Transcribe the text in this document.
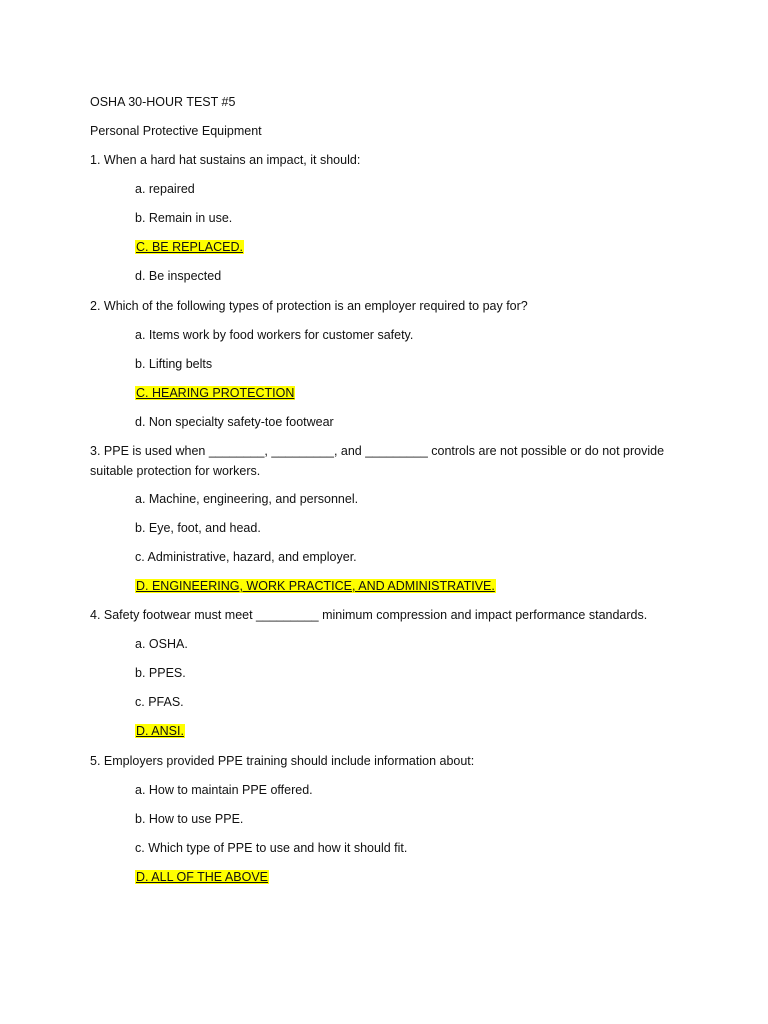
OSHA 30-HOUR TEST #5
Personal Protective Equipment
1. When a hard hat sustains an impact, it should:
a. repaired
b. Remain in use.
C. BE REPLACED.
d. Be inspected
2. Which of the following types of protection is an employer required to pay for?
a. Items work by food workers for customer safety.
b. Lifting belts
C. HEARING PROTECTION
d. Non specialty safety-toe footwear
3. PPE is used when ________, _________, and _________ controls are not possible or do not provide suitable protection for workers.
a. Machine, engineering, and personnel.
b. Eye, foot, and head.
c. Administrative, hazard, and employer.
D. ENGINEERING, WORK PRACTICE, AND ADMINISTRATIVE.
4. Safety footwear must meet _________ minimum compression and impact performance standards.
a. OSHA.
b. PPES.
c. PFAS.
D. ANSI.
5. Employers provided PPE training should include information about:
a. How to maintain PPE offered.
b. How to use PPE.
c. Which type of PPE to use and how it should fit.
D. ALL OF THE ABOVE
